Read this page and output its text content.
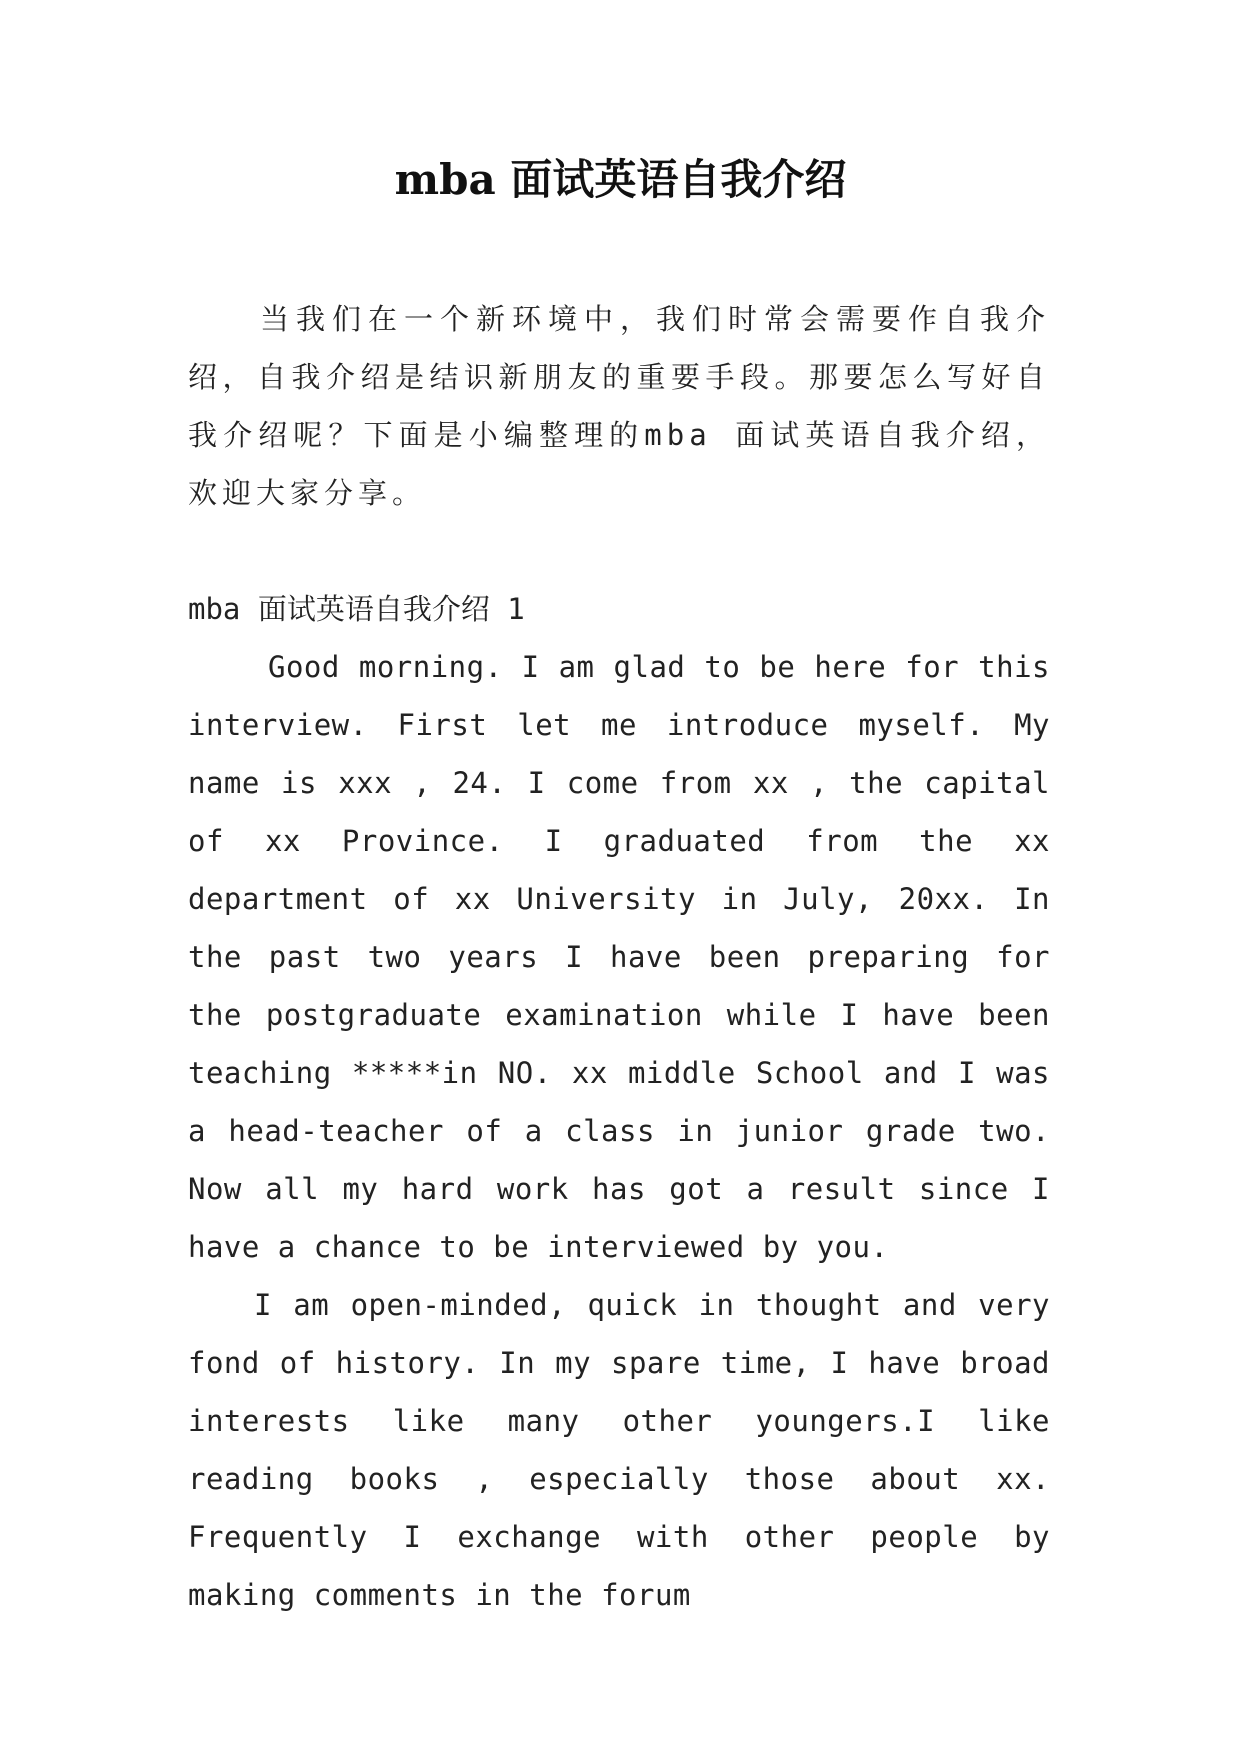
mba 面试英语自我介绍

当我们在一个新环境中，我们时常会需要作自我介绍，自我介绍是结识新朋友的重要手段。那要怎么写好自我介绍呢？下面是小编整理的mba 面试英语自我介绍，欢迎大家分享。

mba 面试英语自我介绍 1

Good morning. I am glad to be here for this interview. First let me introduce myself. My name is xxx , 24. I come from xx , the capital of xx Province. I graduated from the xx department of xx University in July, 20xx. In the past two years I have been preparing for the postgraduate examination while I have been teaching *****in NO. xx middle School and I was a head-teacher of a class in junior grade two. Now all my hard work has got a result since I have a chance to be interviewed by you.

I am open-minded, quick in thought and very fond of history. In my spare time, I have broad interests like many other youngers.I like reading books , especially those about xx. Frequently I exchange with other people by making comments in the forum
